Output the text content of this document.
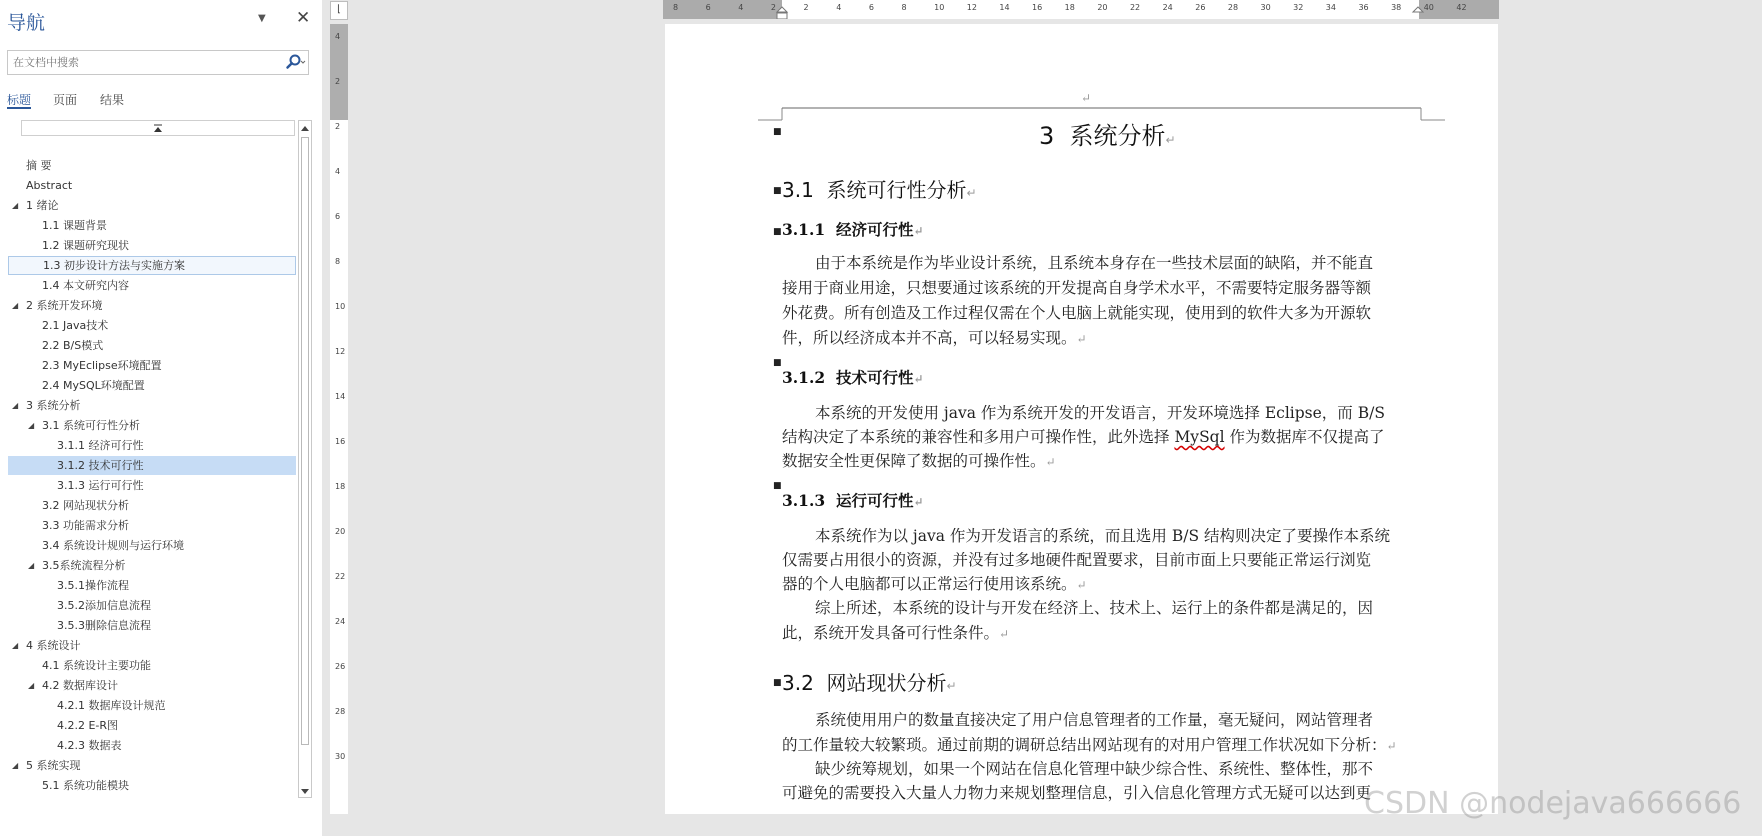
导航	▼ ✕
在文档中搜索
标题 页面 结果
摘 要
Abstract
◢ 1 绪论
1.1 课题背景
1.2 课题研究现状
1.3 初步设计方法与实施方案
1.4 本文研究内容
◢ 2 系统开发环境
2.1 Java技术
2.2 B/S模式
2.3 MyEclipse环境配置
2.4 MySQL环境配置
◢ 3 系统分析
◢ 3.1 系统可行性分析
3.1.1 经济可行性
3.1.2 技术可行性
3.1.3 运行可行性
3.2 网站现状分析
3.3 功能需求分析
3.4 系统设计规则与运行环境
◢ 3.5系统流程分析
3.5.1操作流程
3.5.2添加信息流程
3.5.3删除信息流程
◢ 4 系统设计
4.1 系统设计主要功能
◢ 4.2 数据库设计
4.2.1 数据库设计规范
4.2.2 E-R图
4.2.3 数据表
◢ 5 系统实现
5.1 系统功能模块
⌊
4
2
2
4
6
8
10
12
14
16
18
20
22
24
26
28
30
8	6	4	2	2	4	6	8	10	12	14	16	18	20	22	24	26	28	30	32	34	36	38	40	42
↵
■	3 系统分析↵
■ 3.1 系统可行性分析↵
■ 3.1.1 经济可行性↵
由于本系统是作为毕业设计系统，且系统本身存在一些技术层面的缺陷，并不能直
接用于商业用途，只想要通过该系统的开发提高自身学术水平，不需要特定服务器等额
外花费。所有创造及工作过程仅需在个人电脑上就能实现，使用到的软件大多为开源软
件，所以经济成本并不高，可以轻易实现。↵
■
3.1.2 技术可行性↵
本系统的开发使用 java 作为系统开发的开发语言，开发环境选择 Eclipse，而 B/S
结构决定了本系统的兼容性和多用户可操作性，此外选择 MySql 作为数据库不仅提高了
数据安全性更保障了数据的可操作性。↵
■
3.1.3 运行可行性↵
本系统作为以 java 作为开发语言的系统，而且选用 B/S 结构则决定了要操作本系统
仅需要占用很小的资源，并没有过多地硬件配置要求，目前市面上只要能正常运行浏览
器的个人电脑都可以正常运行使用该系统。↵
综上所述，本系统的设计与开发在经济上、技术上、运行上的条件都是满足的，因
此，系统开发具备可行性条件。↵
■ 3.2 网站现状分析↵
系统使用用户的数量直接决定了用户信息管理者的工作量，毫无疑问，网站管理者
的工作量较大较繁琐。通过前期的调研总结出网站现有的对用户管理工作状况如下分析：↵
缺少统筹规划，如果一个网站在信息化管理中缺少综合性、系统性、整体性，那不
可避免的需要投入大量人力物力来规划整理信息，引入信息化管理方式无疑可以达到更
CSDN @nodejava666666
